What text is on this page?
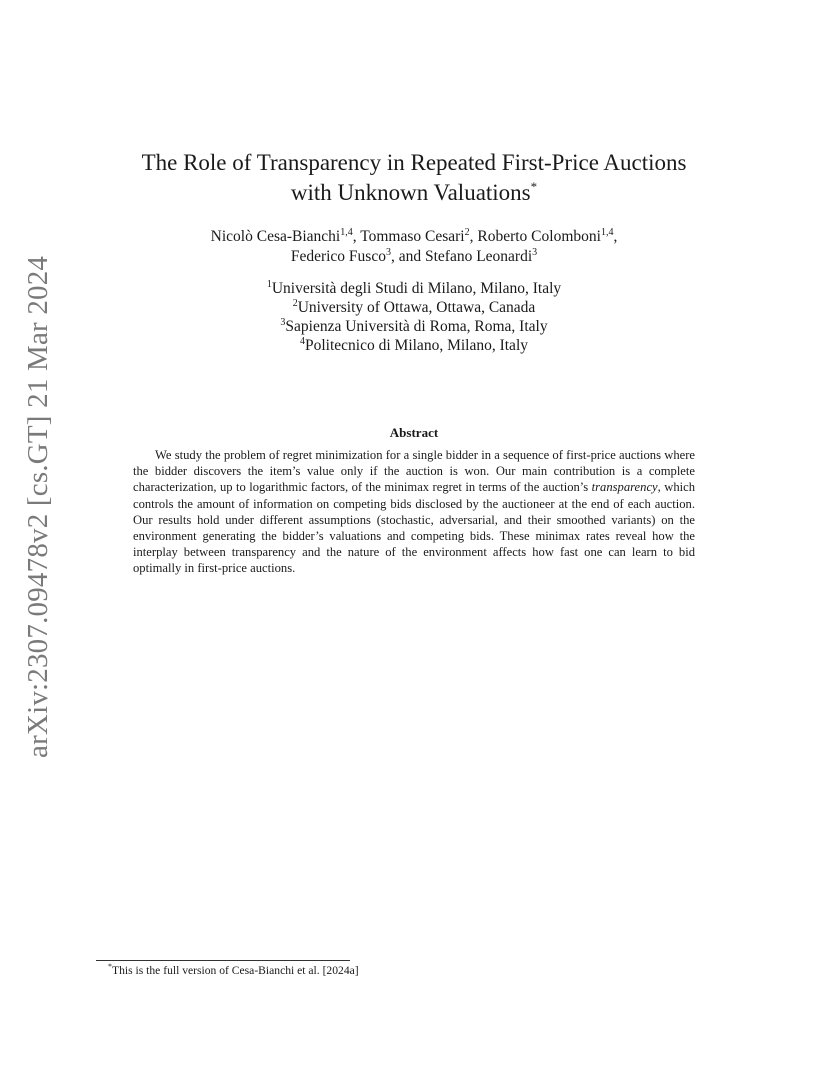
arXiv:2307.09478v2 [cs.GT] 21 Mar 2024
The Role of Transparency in Repeated First-Price Auctions
with Unknown Valuations*
Nicolò Cesa-Bianchi$^{1,4}$, Tommaso Cesari$^2$, Roberto Colomboni$^{1,4}$,
Federico Fusco$^3$, and Stefano Leonardi$^3$
$^1$Università degli Studi di Milano, Milano, Italy
$^2$University of Ottawa, Ottawa, Canada
$^3$Sapienza Università di Roma, Roma, Italy
$^4$Politecnico di Milano, Milano, Italy
Abstract
We study the problem of regret minimization for a single bidder in a sequence of first-price auctions where the bidder discovers the item’s value only if the auction is won. Our main contribution is a complete characterization, up to logarithmic factors, of the minimax regret in terms of the auction’s transparency, which controls the amount of information on competing bids disclosed by the auctioneer at the end of each auction. Our results hold under different assumptions (stochastic, adversarial, and their smoothed variants) on the environment generating the bidder’s valuations and competing bids. These minimax rates reveal how the interplay between transparency and the nature of the environment affects how fast one can learn to bid optimally in first-price auctions.
*This is the full version of Cesa-Bianchi et al. [2024a]
